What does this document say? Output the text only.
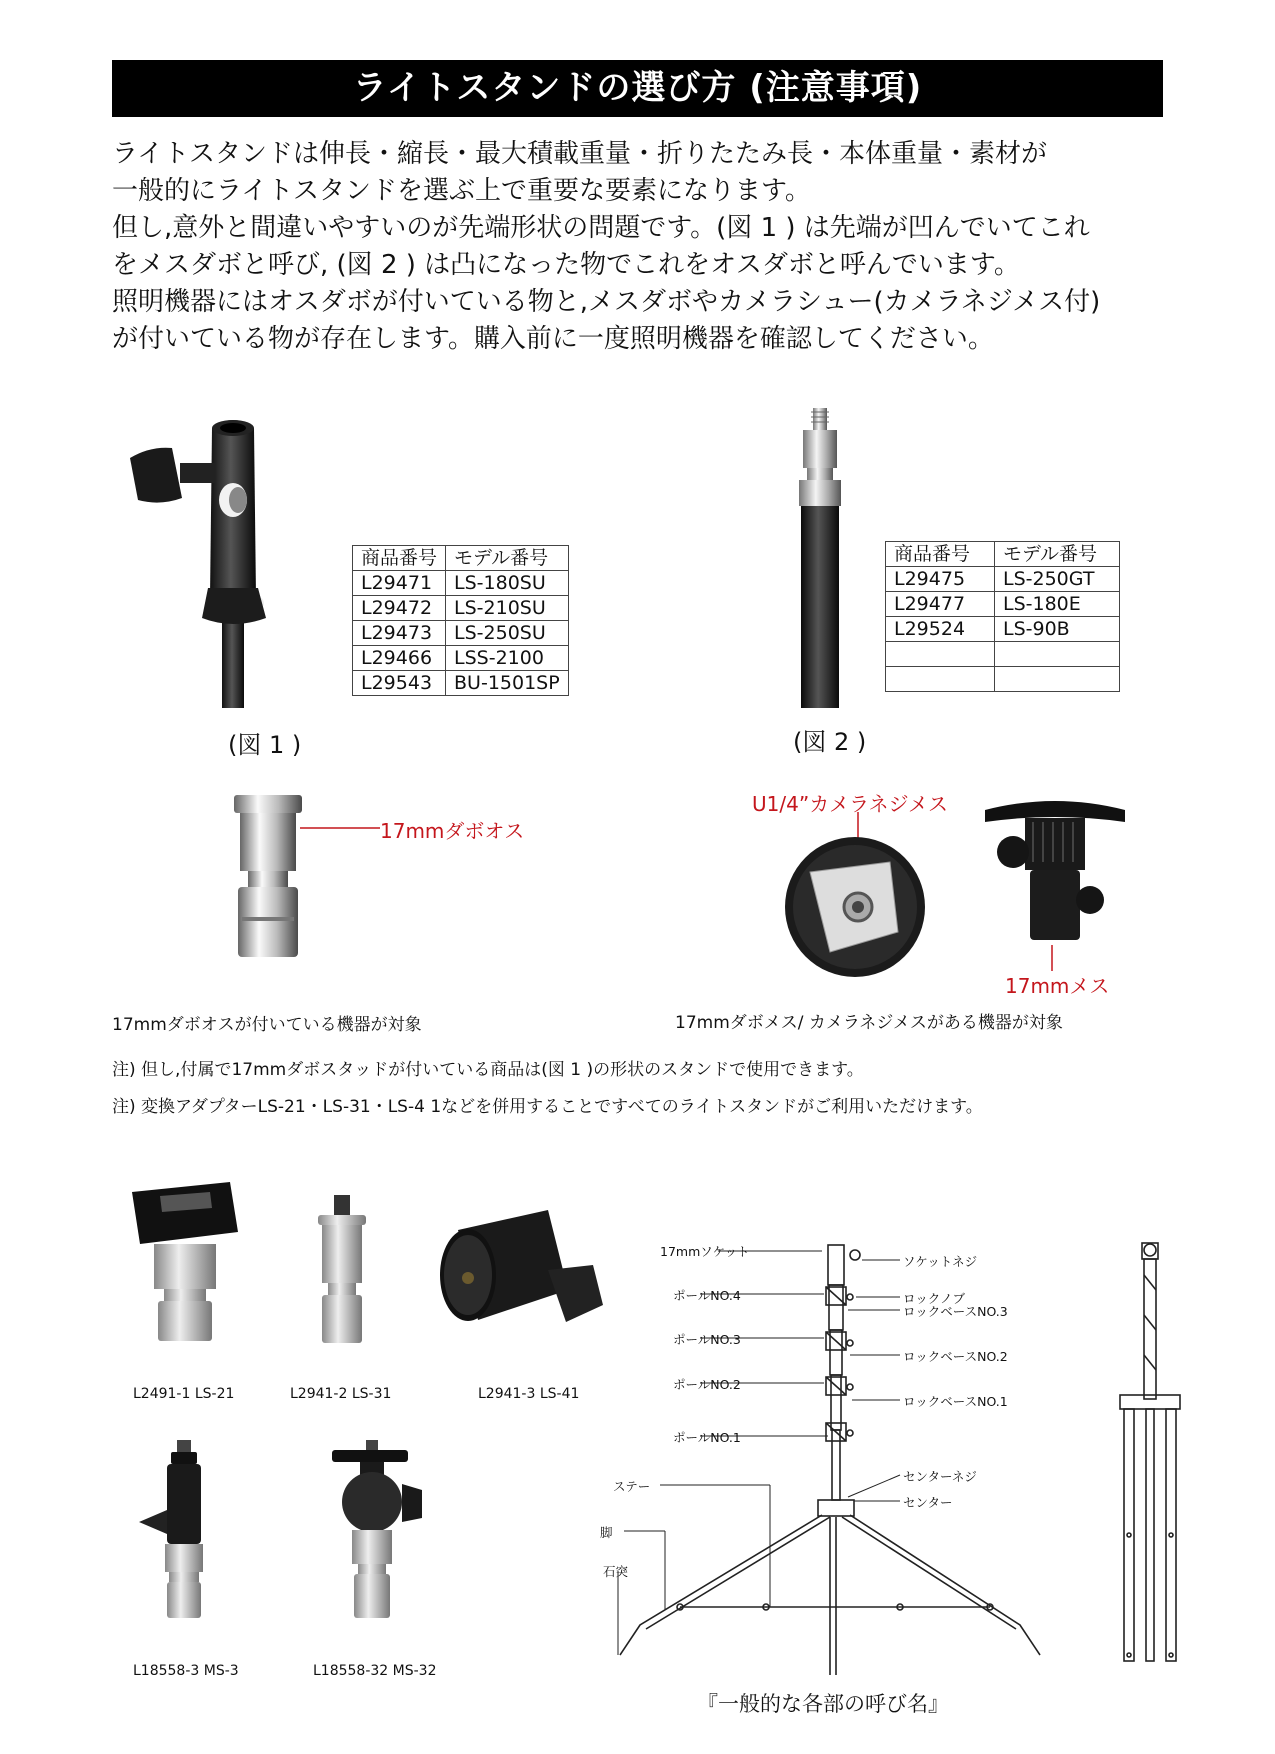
ライトスタンドの選び方 (注意事項)
ライトスタンドは伸長・縮長・最大積載重量・折りたたみ長・本体重量・素材が
一般的にライトスタンドを選ぶ上で重要な要素になります。
但し,意外と間違いやすいのが先端形状の問題です。(図 1 ) は先端が凹んでいてこれ
をメスダボと呼び, (図 2 ) は凸になった物でこれをオスダボと呼んでいます。
照明機器にはオスダボが付いている物と,メスダボやカメラシュー(カメラネジメス付)
が付いている物が存在します。購入前に一度照明機器を確認してください。
商品番号	モデル番号
L29471	LS-180SU
L29472	LS-210SU
L29473	LS-250SU
L29466	LSS-2100
L29543	BU-1501SP
(図 1 )
商品番号	モデル番号
L29475	LS-250GT
L29477	LS-180E
L29524	LS-90B

(図 2 )
17mmダボオス
U1/4”カメラネジメス
17mmメス
17mmダボオスが付いている機器が対象	17mmダボメス/ カメラネジメスがある機器が対象
注) 但し,付属で17mmダボスタッドが付いている商品は(図 1 )の形状のスタンドで使用できます。
注) 変換アダプターLS-21・LS-31・LS-4 1などを併用することですべてのライトスタンドがご利用いただけます。
L2491-1 LS-21	L2941-2 LS-31	L2941-3 LS-41
L18558-3 MS-3	L18558-32 MS-32
17mmソケット
ポールNO.4
ポールNO.3
ポールNO.2
ポールNO.1
ステー
脚
石突
ソケットネジ
ロックノブ
ロックベースNO.3
ロックベースNO.2
ロックベースNO.1
センターネジ
センター
『一般的な各部の呼び名』
